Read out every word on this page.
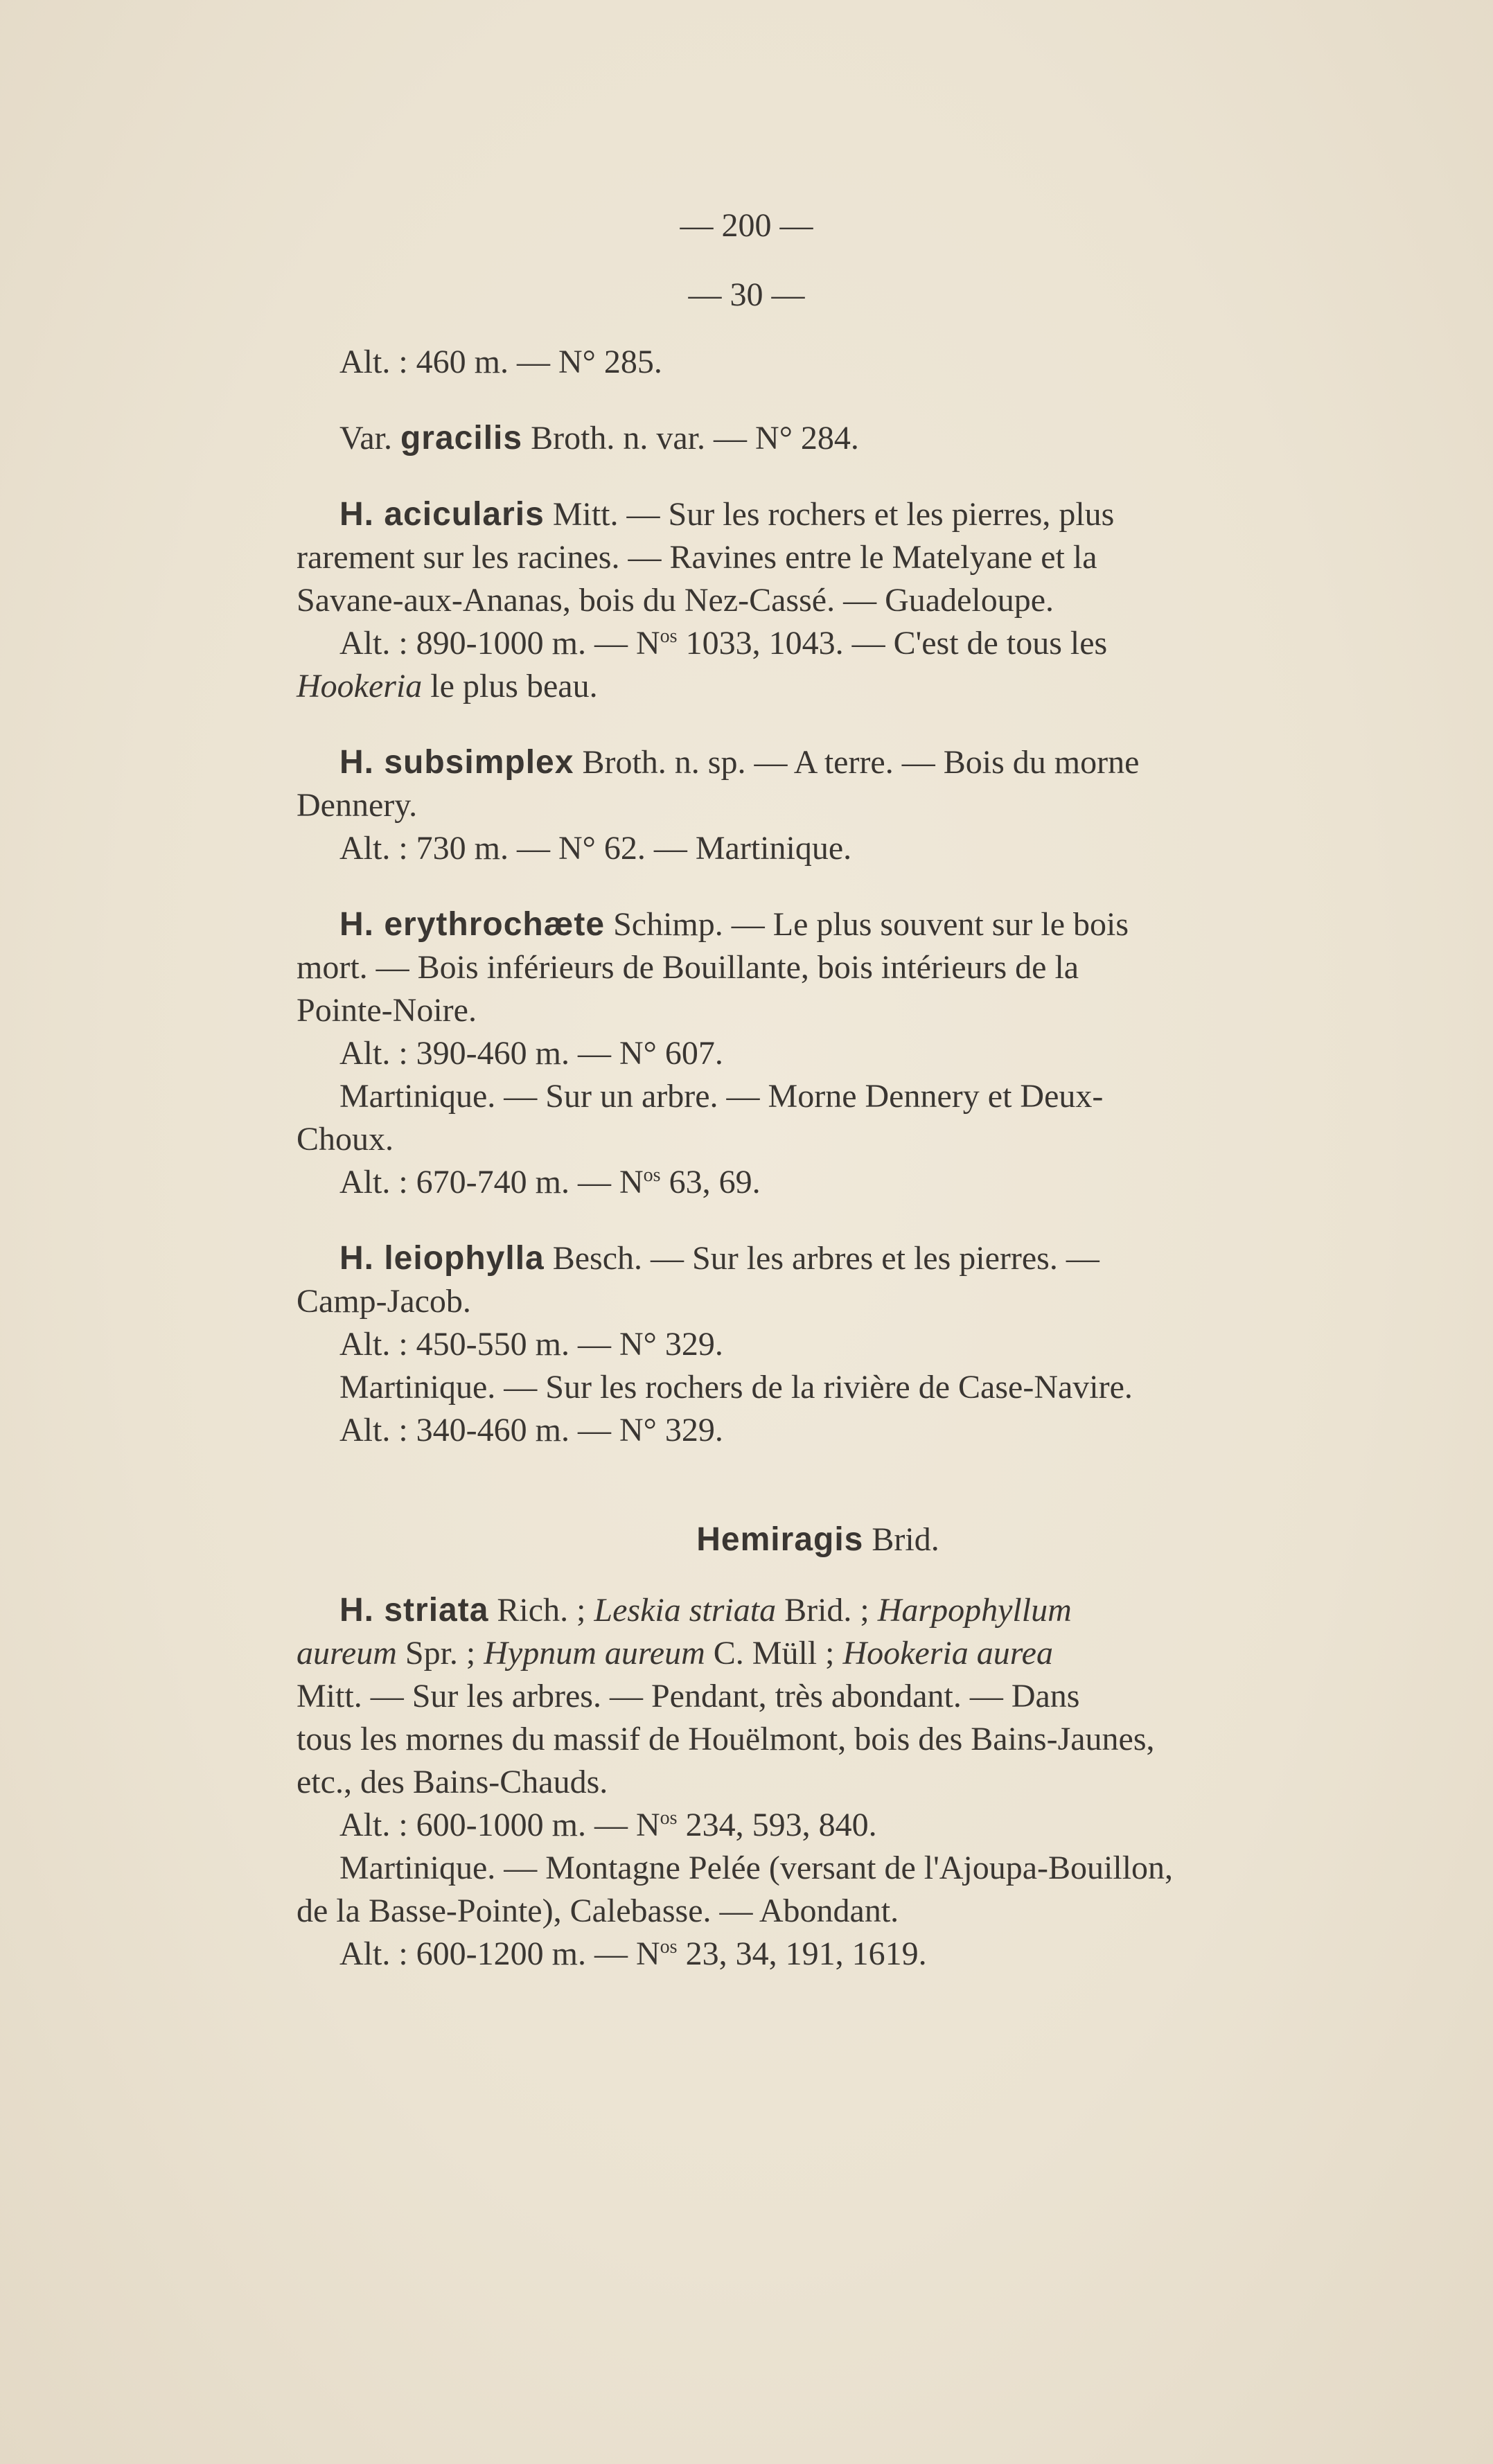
— 200 —
— 30 —

Alt. : 460 m. — N° 285.

Var. gracilis Broth. n. var. — N° 284.

H. acicularis Mitt. — Sur les rochers et les pierres, plus

rarement sur les racines. — Ravines entre le Matelyane et la

Savane-aux-Ananas, bois du Nez-Cassé. — Guadeloupe.

Alt. : 890-1000 m. — $N^{os}$ 1033, 1043. — C'est de tous les

Hookeria le plus beau.

H. subsimplex Broth. n. sp. — A terre. — Bois du morne

Dennery.

Alt. : 730 m. — N° 62. — Martinique.

H. erythrochæte Schimp. — Le plus souvent sur le bois

mort. — Bois inférieurs de Bouillante, bois intérieurs de la

Pointe-Noire.

Alt. : 390-460 m. — N° 607.

Martinique. — Sur un arbre. — Morne Dennery et Deux-

Choux.

Alt. : 670-740 m. — $N^{os}$ 63, 69.

H. leiophylla Besch. — Sur les arbres et les pierres. —

Camp-Jacob.

Alt. : 450-550 m. — N° 329.

Martinique. — Sur les rochers de la rivière de Case-Navire.

Alt. : 340-460 m. — N° 329.

Hemiragis Brid.

H. striata Rich. ; Leskia striata Brid. ; Harpophyllum

aureum Spr. ; Hypnum aureum C. Müll ; Hookeria aurea

Mitt. — Sur les arbres. — Pendant, très abondant. — Dans

tous les mornes du massif de Houëlmont, bois des Bains-Jaunes,

etc., des Bains-Chauds.

Alt. : 600-1000 m. — $N^{os}$ 234, 593, 840.

Martinique. — Montagne Pelée (versant de l'Ajoupa-Bouillon,

de la Basse-Pointe), Calebasse. — Abondant.

Alt. : 600-1200 m. — $N^{os}$ 23, 34, 191, 1619.
